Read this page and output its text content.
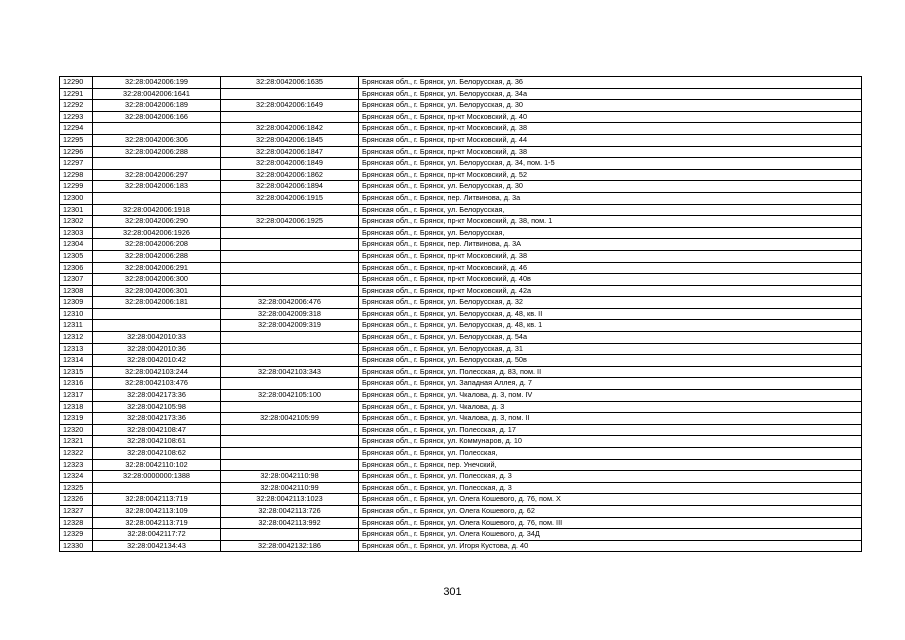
12290	32:28:0042006:199	32:28:0042006:1635	Брянская обл., г. Брянск, ул. Белорусская, д. 36
12291	32:28:0042006:1641		Брянская обл., г. Брянск, ул. Белорусская, д. 34а
12292	32:28:0042006:189	32:28:0042006:1649	Брянская обл., г. Брянск, ул. Белорусская, д. 30
12293	32:28:0042006:166		Брянская обл., г. Брянск, пр-кт Московский, д. 40
12294		32:28:0042006:1842	Брянская обл., г. Брянск, пр-кт Московский, д. 38
12295	32:28:0042006:306	32:28:0042006:1845	Брянская обл., г. Брянск, пр-кт Московский, д. 44
12296	32:28:0042006:288	32:28:0042006:1847	Брянская обл., г. Брянск, пр-кт Московский, д. 38
12297		32:28:0042006:1849	Брянская обл., г. Брянск, ул. Белорусская, д. 34, пом. 1-5
12298	32:28:0042006:297	32:28:0042006:1862	Брянская обл., г. Брянск, пр-кт Московский, д. 52
12299	32:28:0042006:183	32:28:0042006:1894	Брянская обл., г. Брянск, ул. Белорусская, д. 30
12300		32:28:0042006:1915	Брянская обл., г. Брянск, пер. Литвинова, д. 3а
12301	32:28:0042006:1918		Брянская обл., г. Брянск, ул. Белорусская,
12302	32:28:0042006:290	32:28:0042006:1925	Брянская обл., г. Брянск, пр-кт Московский, д. 38, пом. 1
12303	32:28:0042006:1926		Брянская обл., г. Брянск, ул. Белорусская,
12304	32:28:0042006:208		Брянская обл., г. Брянск, пер. Литвинова, д. 3А
12305	32:28:0042006:288		Брянская обл., г. Брянск, пр-кт Московский, д. 38
12306	32:28:0042006:291		Брянская обл., г. Брянск, пр-кт Московский, д. 46
12307	32:28:0042006:300		Брянская обл., г. Брянск, пр-кт Московский, д. 40в
12308	32:28:0042006:301		Брянская обл., г. Брянск, пр-кт Московский, д. 42а
12309	32:28:0042006:181	32:28:0042006:476	Брянская обл., г. Брянск, ул. Белорусская, д. 32
12310		32:28:0042009:318	Брянская обл., г. Брянск, ул. Белорусская, д. 48, кв. II
12311		32:28:0042009:319	Брянская обл., г. Брянск, ул. Белорусская, д. 48, кв. 1
12312	32:28:0042010:33		Брянская обл., г. Брянск, ул. Белорусская, д. 54а
12313	32:28:0042010:36		Брянская обл., г. Брянск, ул. Белорусская, д. 31
12314	32:28:0042010:42		Брянская обл., г. Брянск, ул. Белорусская, д. 50в
12315	32:28:0042103:244	32:28:0042103:343	Брянская обл., г. Брянск, ул. Полесская, д. 83, пом. II
12316	32:28:0042103:476		Брянская обл., г. Брянск, ул. Западная Аллея, д. 7
12317	32:28:0042173:36	32:28:0042105:100	Брянская обл., г. Брянск, ул. Чкалова, д. 3, пом. IV
12318	32:28:0042105:98		Брянская обл., г. Брянск, ул. Чкалова, д. 3
12319	32:28:0042173:36	32:28:0042105:99	Брянская обл., г. Брянск, ул. Чкалова, д. 3, пом. II
12320	32:28:0042108:47		Брянская обл., г. Брянск, ул. Полесская, д. 17
12321	32:28:0042108:61		Брянская обл., г. Брянск, ул. Коммунаров, д. 10
12322	32:28:0042108:62		Брянская обл., г. Брянск, ул. Полесская,
12323	32:28:0042110:102		Брянская обл., г. Брянск, пер. Унечский,
12324	32:28:0000000:1388	32:28:0042110:98	Брянская обл., г. Брянск, ул. Полесская, д. 3
12325		32:28:0042110:99	Брянская обл., г. Брянск, ул. Полесская, д. 3
12326	32:28:0042113:719	32:28:0042113:1023	Брянская обл., г. Брянск, ул. Олега Кошевого, д. 76, пом. X
12327	32:28:0042113:109	32:28:0042113:726	Брянская обл., г. Брянск, ул. Олега Кошевого, д. 62
12328	32:28:0042113:719	32:28:0042113:992	Брянская обл., г. Брянск, ул. Олега Кошевого, д. 76, пом. III
12329	32:28:0042117:72		Брянская обл., г. Брянск, ул. Олега Кошевого, д. 34Д
12330	32:28:0042134:43	32:28:0042132:186	Брянская обл., г. Брянск, ул. Игоря Кустова, д. 40
301
